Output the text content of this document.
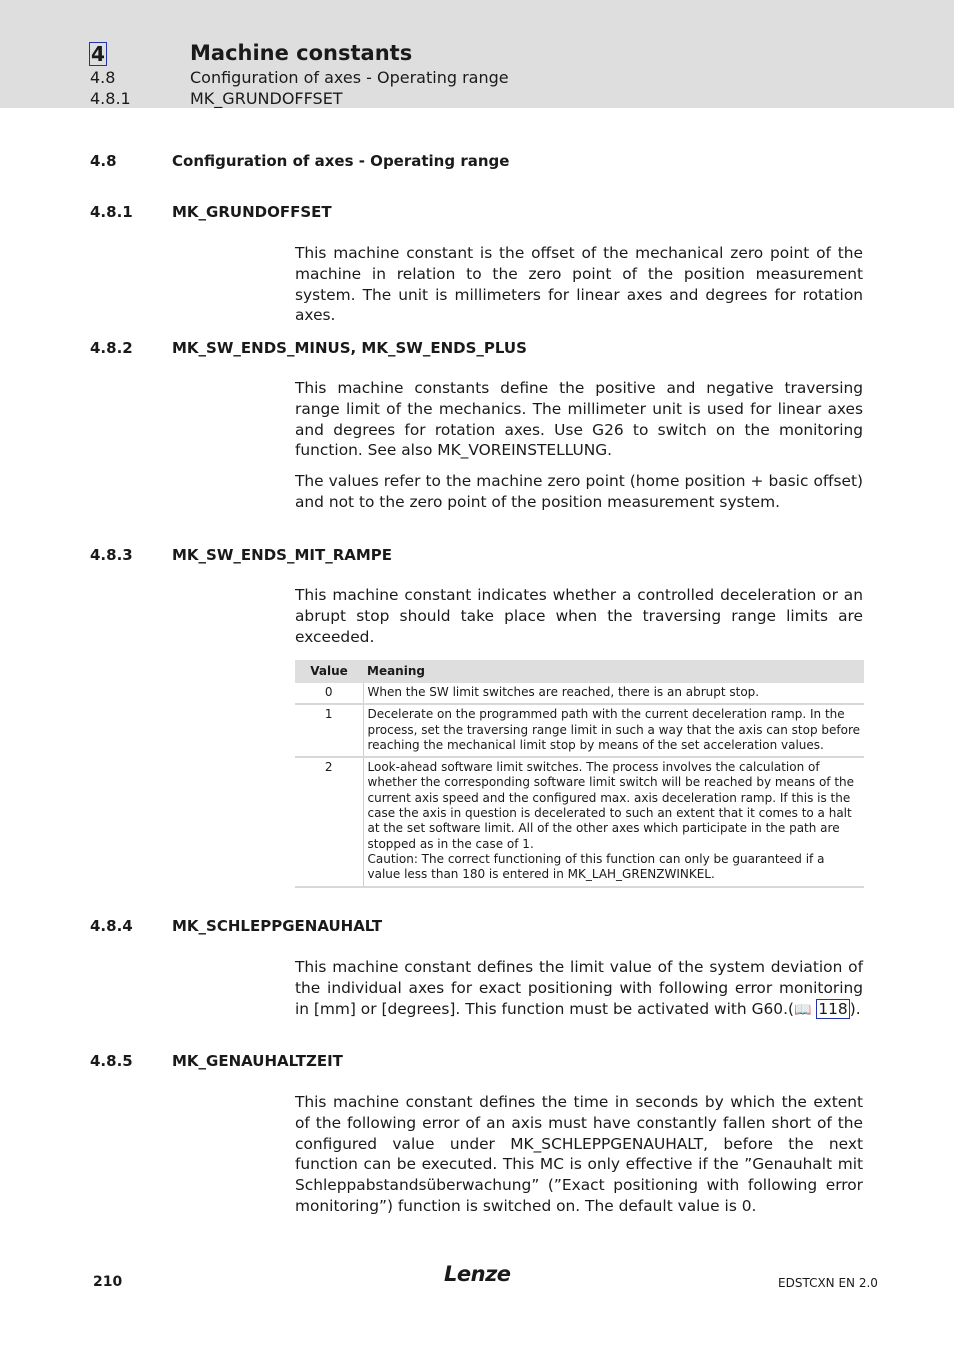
4	Machine constants
4.8	Configuration of axes - Operating range
4.8.1	MK_GRUNDOFFSET
4.8	Configuration of axes - Operating range
4.8.1	MK_GRUNDOFFSET

This machine constant is the offset of the mechanical zero point of the machine in relation to the zero point of the position measurement system. The unit is millimeters for linear axes and degrees for rotation axes.

4.8.2	MK_SW_ENDS_MINUS, MK_SW_ENDS_PLUS

This machine constants define the positive and negative traversing range limit of the mechanics. The millimeter unit is used for linear axes and degrees for rotation axes. Use G26 to switch on the monitoring function. See also MK_VOREINSTELLUNG.

The values refer to the machine zero point (home position + basic offset) and not to the zero point of the position measurement system.

4.8.3	MK_SW_ENDS_MIT_RAMPE

This machine constant indicates whether a controlled deceleration or an abrupt stop should take place when the traversing range limits are exceeded.

Value	Meaning
0	When the SW limit switches are reached, there is an abrupt stop.
1	Decelerate on the programmed path with the current deceleration ramp. In the process, set the traversing range limit in such a way that the axis can stop before reaching the mechanical limit stop by means of the set acceleration values.
2	Look-ahead software limit switches. The process involves the calculation of whether the corresponding software limit switch will be reached by means of the current axis speed and the configured max. axis deceleration ramp. If this is the case the axis in question is decelerated to such an extent that it comes to a halt at the set software limit. All of the other axes which participate in the path are stopped as in the case of 1.
Caution: The correct functioning of this function can only be guaranteed if a value less than 180 is entered in MK_LAH_GRENZWINKEL.
4.8.4	MK_SCHLEPPGENAUHALT

This machine constant defines the limit value of the system deviation of the individual axes for exact positioning with following error monitoring in [mm] or [degrees]. This function must be activated with G60.(📖 118 ).

4.8.5	MK_GENAUHALTZEIT

This machine constant defines the time in seconds by which the extent of the following error of an axis must have constantly fallen short of the configured value under MK_SCHLEPPGENAUHALT, before the next function can be executed. This MC is only effective if the ”Genauhalt mit Schleppabstandsüberwachung” (”Exact positioning with following error monitoring”) function is switched on. The default value is 0.

210	Lenze	EDSTCXN EN 2.0
